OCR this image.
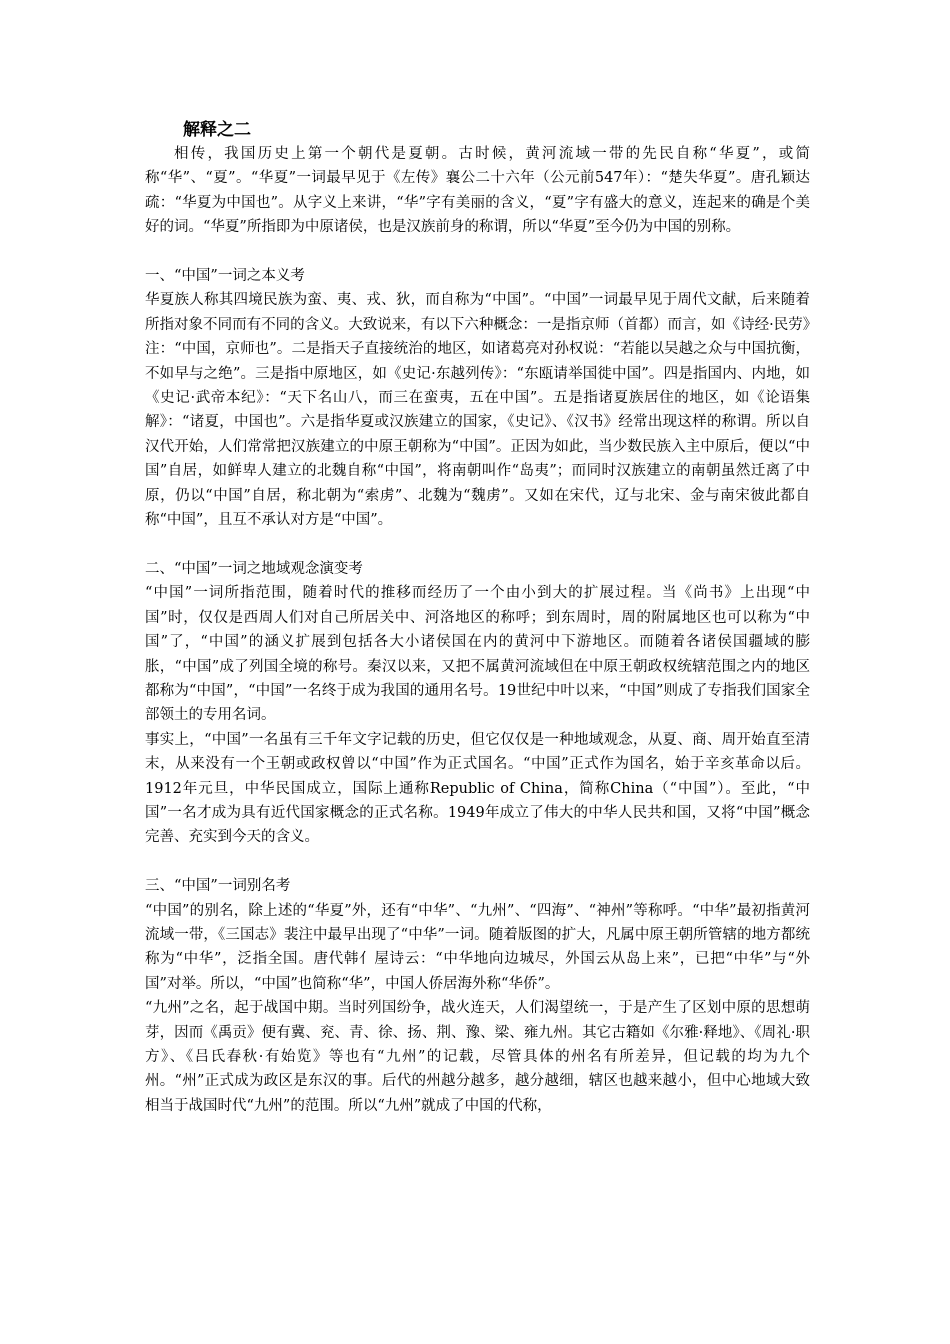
解释之二

相传，我国历史上第一个朝代是夏朝。古时候，黄河流域一带的先民自称“华夏”，或简称“华”、“夏”。“华夏”一词最早见于《左传》襄公二十六年（公元前547年）：“楚失华夏”。唐孔颖达疏：“华夏为中国也”。从字义上来讲，“华”字有美丽的含义，“夏”字有盛大的意义，连起来的确是个美好的词。“华夏”所指即为中原诸侯，也是汉族前身的称谓，所以“华夏”至今仍为中国的别称。

一、“中国”一词之本义考

华夏族人称其四境民族为蛮、夷、戎、狄，而自称为“中国”。“中国”一词最早见于周代文献，后来随着所指对象不同而有不同的含义。大致说来，有以下六种概念：一是指京师（首都）而言，如《诗经·民劳》注：“中国，京师也”。二是指天子直接统治的地区，如诸葛亮对孙权说：“若能以吴越之众与中国抗衡，不如早与之绝”。三是指中原地区，如《史记·东越列传》：“东瓯请举国徙中国”。四是指国内、内地，如《史记·武帝本纪》：“天下名山八，而三在蛮夷，五在中国”。五是指诸夏族居住的地区，如《论语集解》：“诸夏，中国也”。六是指华夏或汉族建立的国家，《史记》、《汉书》经常出现这样的称谓。所以自汉代开始，人们常常把汉族建立的中原王朝称为“中国”。正因为如此，当少数民族入主中原后，便以“中国”自居，如鲜卑人建立的北魏自称“中国”，将南朝叫作“岛夷”；而同时汉族建立的南朝虽然迁离了中原，仍以“中国”自居，称北朝为“索虏”、北魏为“魏虏”。又如在宋代，辽与北宋、金与南宋彼此都自称“中国”，且互不承认对方是“中国”。

二、“中国”一词之地域观念演变考

“中国”一词所指范围，随着时代的推移而经历了一个由小到大的扩展过程。当《尚书》上出现“中国”时，仅仅是西周人们对自己所居关中、河洛地区的称呼；到东周时，周的附属地区也可以称为“中国”了，“中国”的涵义扩展到包括各大小诸侯国在内的黄河中下游地区。而随着各诸侯国疆域的膨胀，“中国”成了列国全境的称号。秦汉以来，又把不属黄河流域但在中原王朝政权统辖范围之内的地区都称为“中国”，“中国”一名终于成为我国的通用名号。19世纪中叶以来，“中国”则成了专指我们国家全部领土的专用名词。

事实上，“中国”一名虽有三千年文字记载的历史，但它仅仅是一种地域观念，从夏、商、周开始直至清末，从来没有一个王朝或政权曾以“中国”作为正式国名。“中国”正式作为国名，始于辛亥革命以后。1912年元旦，中华民国成立，国际上通称Republic of China，简称China（“中国”）。至此，“中国”一名才成为具有近代国家概念的正式名称。1949年成立了伟大的中华人民共和国，又将“中国”概念完善、充实到今天的含义。

三、“中国”一词别名考

“中国”的别名，除上述的“华夏”外，还有“中华”、“九州”、“四海”、“神州”等称呼。“中华”最初指黄河流域一带，《三国志》裴注中最早出现了“中华”一词。随着版图的扩大，凡属中原王朝所管辖的地方都统称为“中华”，泛指全国。唐代韩亻屋诗云：“中华地向边城尽，外国云从岛上来”，已把“中华”与“外国”对举。所以，“中国”也简称“华”，中国人侨居海外称“华侨”。

“九州”之名，起于战国中期。当时列国纷争，战火连天，人们渴望统一，于是产生了区划中原的思想萌芽，因而《禹贡》便有冀、兖、青、徐、扬、荆、豫、梁、雍九州。其它古籍如《尔雅·释地》、《周礼·职方》、《吕氏春秋·有始览》等也有“九州”的记载，尽管具体的州名有所差异，但记载的均为九个州。“州”正式成为政区是东汉的事。后代的州越分越多，越分越细，辖区也越来越小，但中心地域大致相当于战国时代“九州”的范围。所以“九州”就成了中国的代称，
